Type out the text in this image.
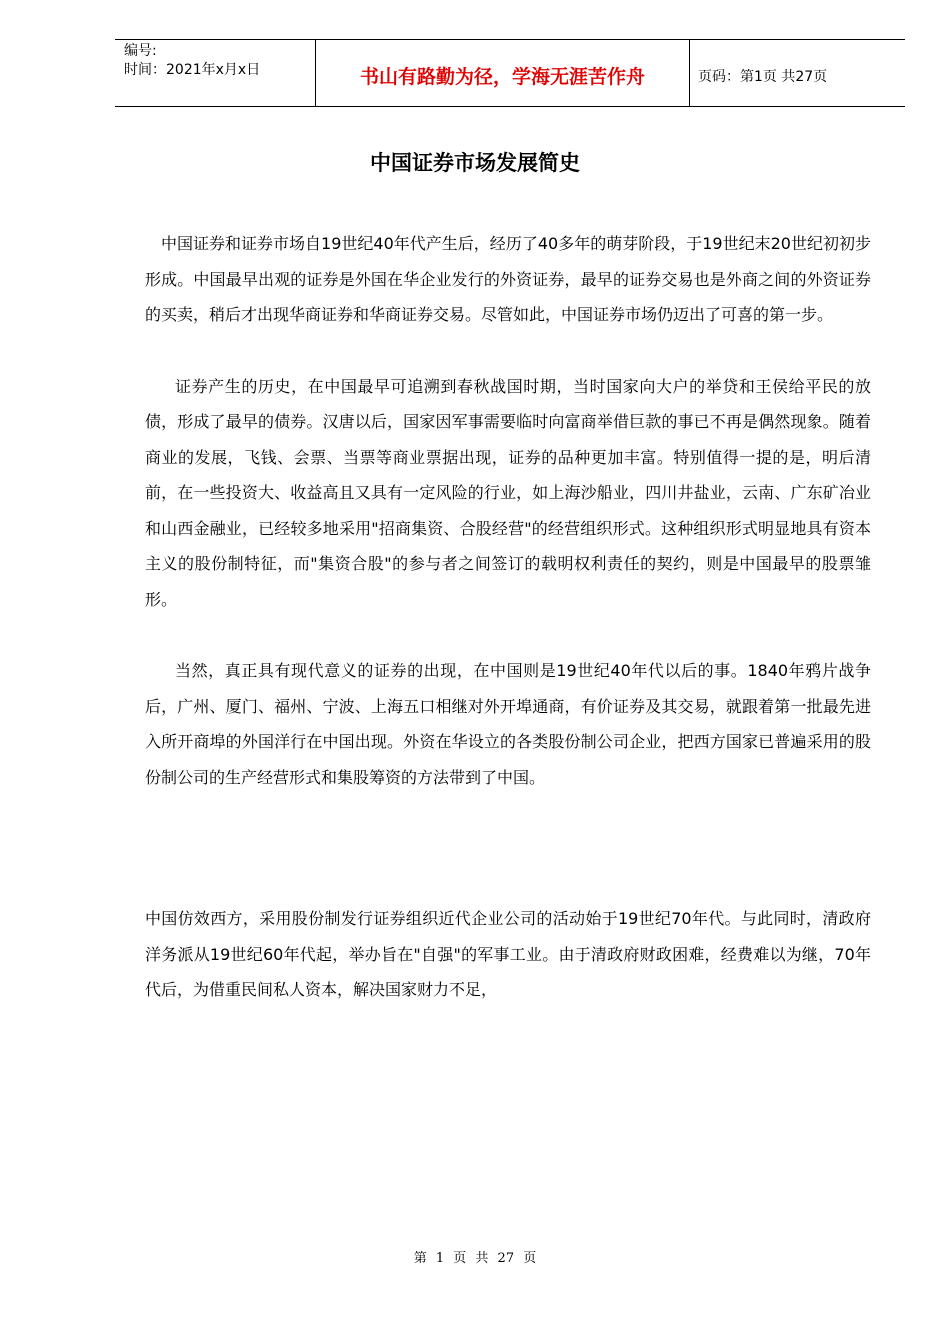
编号:
时间：2021年x月x日	书山有路勤为径，学海无涯苦作舟	页码：第1页 共27页
中国证券市场发展简史

中国证券和证券市场自19世纪40年代产生后，经历了40多年的萌芽阶段，于19世纪末20世纪初初步形成。中国最早出观的证券是外国在华企业发行的外资证券，最早的证券交易也是外商之间的外资证券的买卖，稍后才出现华商证券和华商证券交易。尽管如此，中国证券市场仍迈出了可喜的第一步。

证券产生的历史，在中国最早可追溯到春秋战国时期，当时国家向大户的举贷和王侯给平民的放债，形成了最早的债券。汉唐以后，国家因军事需要临时向富商举借巨款的事已不再是偶然现象。随着商业的发展，飞钱、会票、当票等商业票据出现，证券的品种更加丰富。特别值得一提的是，明后清前，在一些投资大、收益高且又具有一定风险的行业，如上海沙船业，四川井盐业，云南、广东矿冶业和山西金融业，已经较多地采用"招商集资、合股经营"的经营组织形式。这种组织形式明显地具有资本主义的股份制特征，而"集资合股"的参与者之间签订的载明权利责任的契约，则是中国最早的股票雏形。

当然，真正具有现代意义的证券的出现，在中国则是19世纪40年代以后的事。1840年鸦片战争后，广州、厦门、福州、宁波、上海五口相继对外开埠通商，有价证券及其交易，就跟着第一批最先进入所开商埠的外国洋行在中国出现。外资在华设立的各类股份制公司企业，把西方国家已普遍采用的股份制公司的生产经营形式和集股筹资的方法带到了中国。

中国仿效西方，采用股份制发行证券组织近代企业公司的活动始于19世纪70年代。与此同时，清政府洋务派从19世纪60年代起，举办旨在"自强"的军事工业。由于清政府财政困难，经费难以为继，70年代后，为借重民间私人资本，解决国家财力不足，

第 1 页 共 27 页
